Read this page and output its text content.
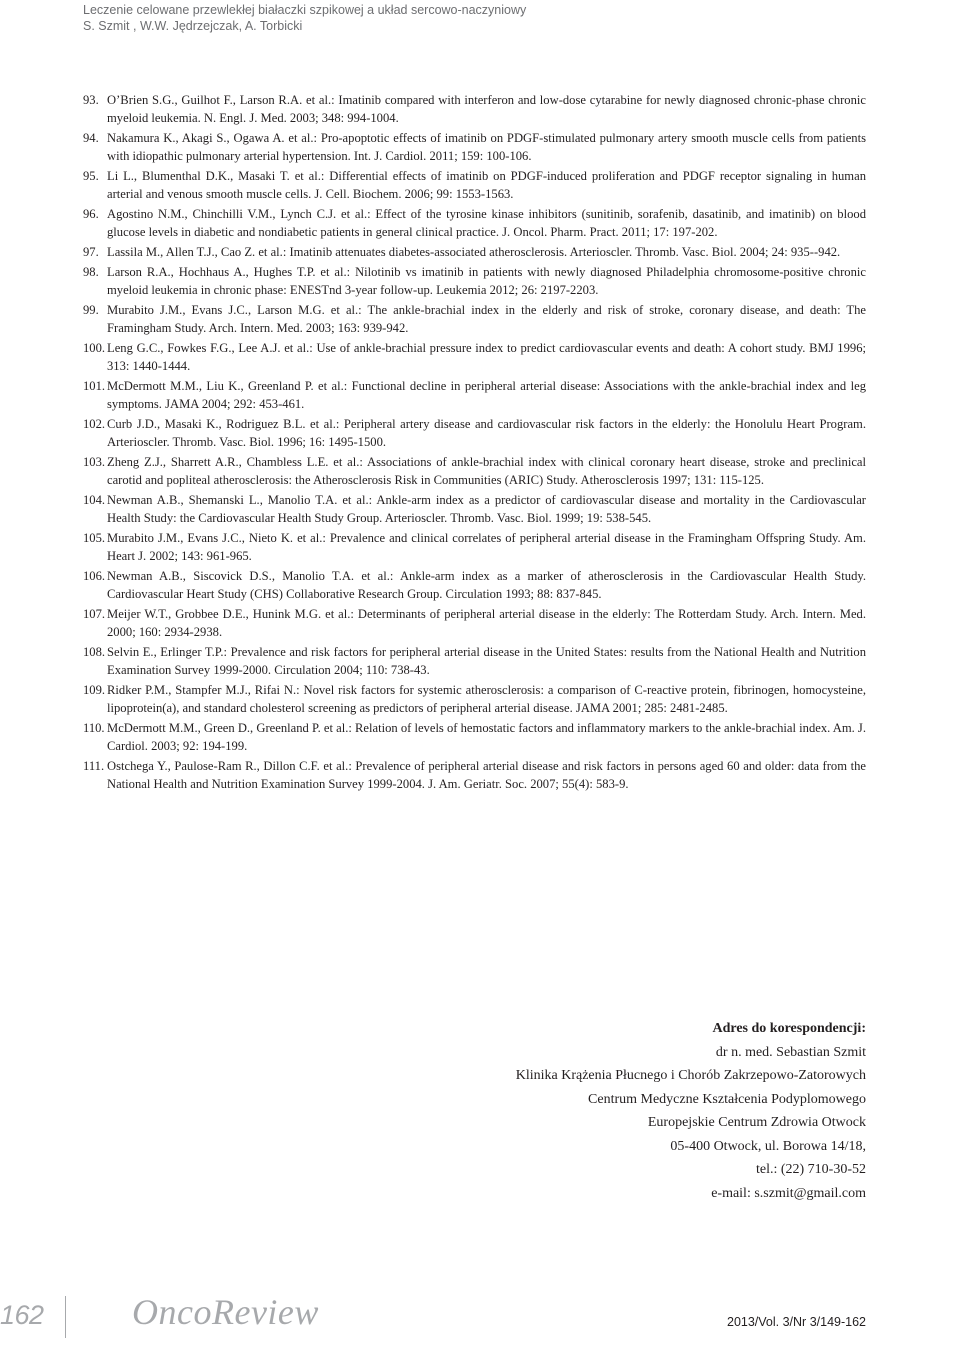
Leczenie celowane przewlekłej białaczki szpikowej a układ sercowo-naczyniowy
S. Szmit , W.W. Jędrzejczak, A. Torbicki
93. O’Brien S.G., Guilhot F., Larson R.A. et al.: Imatinib compared with interferon and low-dose cytarabine for newly diagnosed chronic-phase chronic myeloid leukemia. N. Engl. J. Med. 2003; 348: 994-1004.
94. Nakamura K., Akagi S., Ogawa A. et al.: Pro-apoptotic effects of imatinib on PDGF-stimulated pulmonary artery smooth muscle cells from patients with idiopathic pulmonary arterial hypertension. Int. J. Cardiol. 2011; 159: 100-106.
95. Li L., Blumenthal D.K., Masaki T. et al.: Differential effects of imatinib on PDGF-induced proliferation and PDGF receptor signaling in human arterial and venous smooth muscle cells. J. Cell. Biochem. 2006; 99: 1553-1563.
96. Agostino N.M., Chinchilli V.M., Lynch C.J. et al.: Effect of the tyrosine kinase inhibitors (sunitinib, sorafenib, dasatinib, and imatinib) on blood glucose levels in diabetic and nondiabetic patients in general clinical practice. J. Oncol. Pharm. Pract. 2011; 17: 197-202.
97. Lassila M., Allen T.J., Cao Z. et al.: Imatinib attenuates diabetes-associated atherosclerosis. Arterioscler. Thromb. Vasc. Biol. 2004; 24: 935--942.
98. Larson R.A., Hochhaus A., Hughes T.P. et al.: Nilotinib vs imatinib in patients with newly diagnosed Philadelphia chromosome-positive chronic myeloid leukemia in chronic phase: ENESTnd 3-year follow-up. Leukemia 2012; 26: 2197-2203.
99. Murabito J.M., Evans J.C., Larson M.G. et al.: The ankle-brachial index in the elderly and risk of stroke, coronary disease, and death: The Framingham Study. Arch. Intern. Med. 2003; 163: 939-942.
100. Leng G.C., Fowkes F.G., Lee A.J. et al.: Use of ankle-brachial pressure index to predict cardiovascular events and death: A cohort study. BMJ 1996; 313: 1440-1444.
101. McDermott M.M., Liu K., Greenland P. et al.: Functional decline in peripheral arterial disease: Associations with the ankle-brachial index and leg symptoms. JAMA 2004; 292: 453-461.
102. Curb J.D., Masaki K., Rodriguez B.L. et al.: Peripheral artery disease and cardiovascular risk factors in the elderly: the Honolulu Heart Program. Arterioscler. Thromb. Vasc. Biol. 1996; 16: 1495-1500.
103. Zheng Z.J., Sharrett A.R., Chambless L.E. et al.: Associations of ankle-brachial index with clinical coronary heart disease, stroke and preclinical carotid and popliteal atherosclerosis: the Atherosclerosis Risk in Communities (ARIC) Study. Atherosclerosis 1997; 131: 115-125.
104. Newman A.B., Shemanski L., Manolio T.A. et al.: Ankle-arm index as a predictor of cardiovascular disease and mortality in the Cardiovascular Health Study: the Cardiovascular Health Study Group. Arterioscler. Thromb. Vasc. Biol. 1999; 19: 538-545.
105. Murabito J.M., Evans J.C., Nieto K. et al.: Prevalence and clinical correlates of peripheral arterial disease in the Framingham Offspring Study. Am. Heart J. 2002; 143: 961-965.
106. Newman A.B., Siscovick D.S., Manolio T.A. et al.: Ankle-arm index as a marker of atherosclerosis in the Cardiovascular Health Study. Cardiovascular Heart Study (CHS) Collaborative Research Group. Circulation 1993; 88: 837-845.
107. Meijer W.T., Grobbee D.E., Hunink M.G. et al.: Determinants of peripheral arterial disease in the elderly: The Rotterdam Study. Arch. Intern. Med. 2000; 160: 2934-2938.
108. Selvin E., Erlinger T.P.: Prevalence and risk factors for peripheral arterial disease in the United States: results from the National Health and Nutrition Examination Survey 1999-2000. Circulation 2004; 110: 738-43.
109. Ridker P.M., Stampfer M.J., Rifai N.: Novel risk factors for systemic atherosclerosis: a comparison of C-reactive protein, fibrinogen, homocysteine, lipoprotein(a), and standard cholesterol screening as predictors of peripheral arterial disease. JAMA 2001; 285: 2481-2485.
110. McDermott M.M., Green D., Greenland P. et al.: Relation of levels of hemostatic factors and inflammatory markers to the ankle-brachial index. Am. J. Cardiol. 2003; 92: 194-199.
111. Ostchega Y., Paulose-Ram R., Dillon C.F. et al.: Prevalence of peripheral arterial disease and risk factors in persons aged 60 and older: data from the National Health and Nutrition Examination Survey 1999-2004. J. Am. Geriatr. Soc. 2007; 55(4): 583-9.
Adres do korespondencji:
dr n. med. Sebastian Szmit
Klinika Krążenia Płucnego i Chorób Zakrzepowo-Zatorowych
Centrum Medyczne Kształcenia Podyplomowego
Europejskie Centrum Zdrowia Otwock
05-400 Otwock, ul. Borowa 14/18,
tel.: (22) 710-30-52
e-mail: s.szmit@gmail.com
162 OncoReview	2013/Vol. 3/Nr 3/149-162
